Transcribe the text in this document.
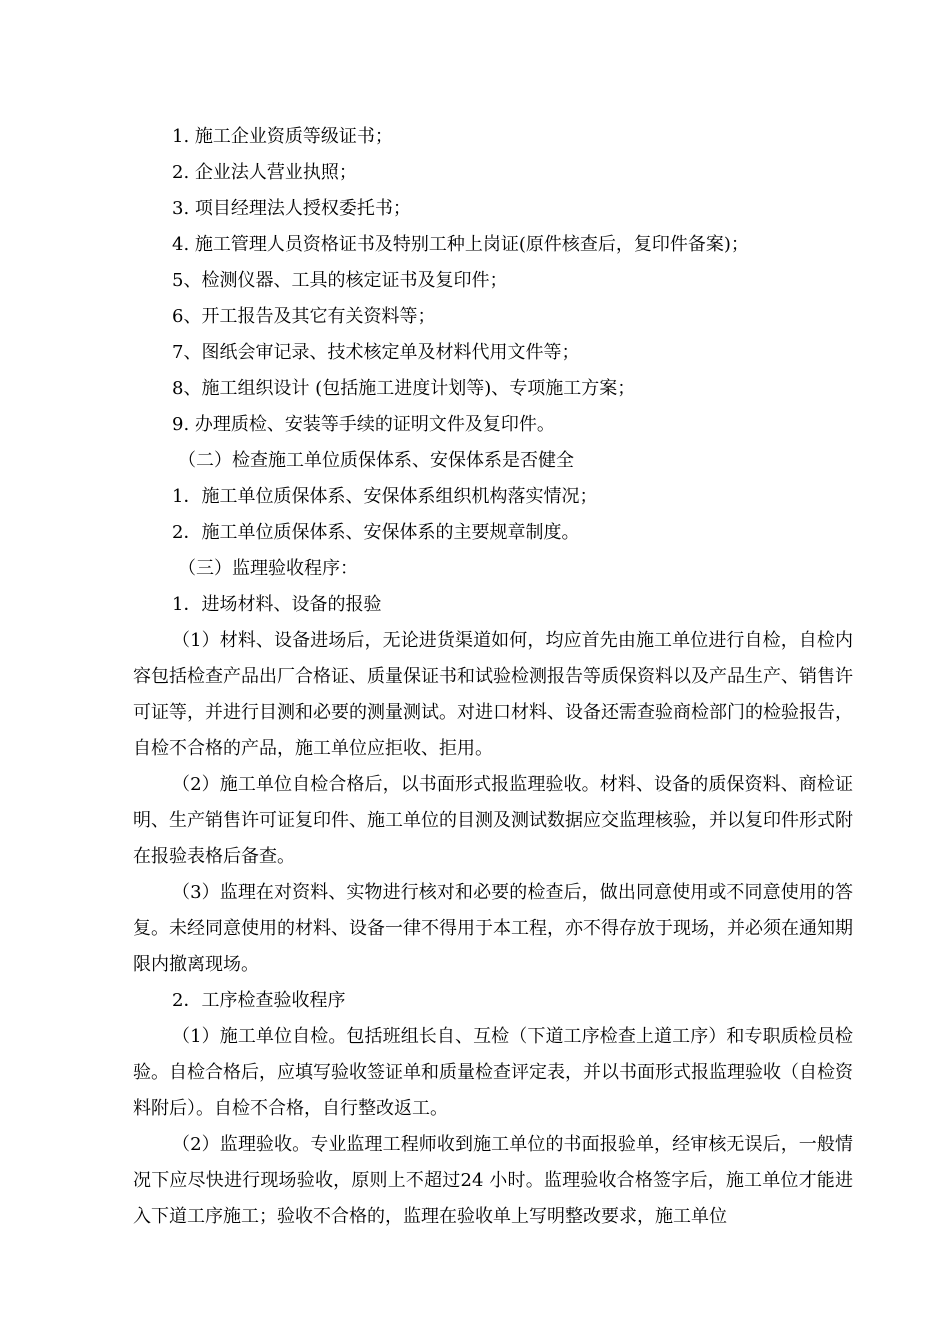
1. 施工企业资质等级证书；
2. 企业法人营业执照；
3. 项目经理法人授权委托书；
4. 施工管理人员资格证书及特别工种上岗证(原件核查后，复印件备案)；
5、检测仪器、工具的核定证书及复印件；
6、开工报告及其它有关资料等；
7、图纸会审记录、技术核定单及材料代用文件等；
8、施工组织设计 (包括施工进度计划等)、专项施工方案；
9. 办理质检、安装等手续的证明文件及复印件。
（二）检查施工单位质保体系、安保体系是否健全
1．施工单位质保体系、安保体系组织机构落实情况；
2．施工单位质保体系、安保体系的主要规章制度。
（三）监理验收程序：
1．进场材料、设备的报验

（1）材料、设备进场后，无论进货渠道如何，均应首先由施工单位进行自检，自检内容包括检查产品出厂合格证、质量保证书和试验检测报告等质保资料以及产品生产、销售许可证等，并进行目测和必要的测量测试。对进口材料、设备还需查验商检部门的检验报告，自检不合格的产品，施工单位应拒收、拒用。

（2）施工单位自检合格后，以书面形式报监理验收。材料、设备的质保资料、商检证明、生产销售许可证复印件、施工单位的目测及测试数据应交监理核验，并以复印件形式附在报验表格后备查。

（3）监理在对资料、实物进行核对和必要的检查后，做出同意使用或不同意使用的答复。未经同意使用的材料、设备一律不得用于本工程，亦不得存放于现场，并必须在通知期限内撤离现场。

2．工序检查验收程序

（1）施工单位自检。包括班组长自、互检（下道工序检查上道工序）和专职质检员检验。自检合格后，应填写验收签证单和质量检查评定表，并以书面形式报监理验收（自检资料附后）。自检不合格，自行整改返工。

（2）监理验收。专业监理工程师收到施工单位的书面报验单，经审核无误后，一般情况下应尽快进行现场验收，原则上不超过24 小时。监理验收合格签字后，施工单位才能进入下道工序施工；验收不合格的，监理在验收单上写明整改要求，施工单位
